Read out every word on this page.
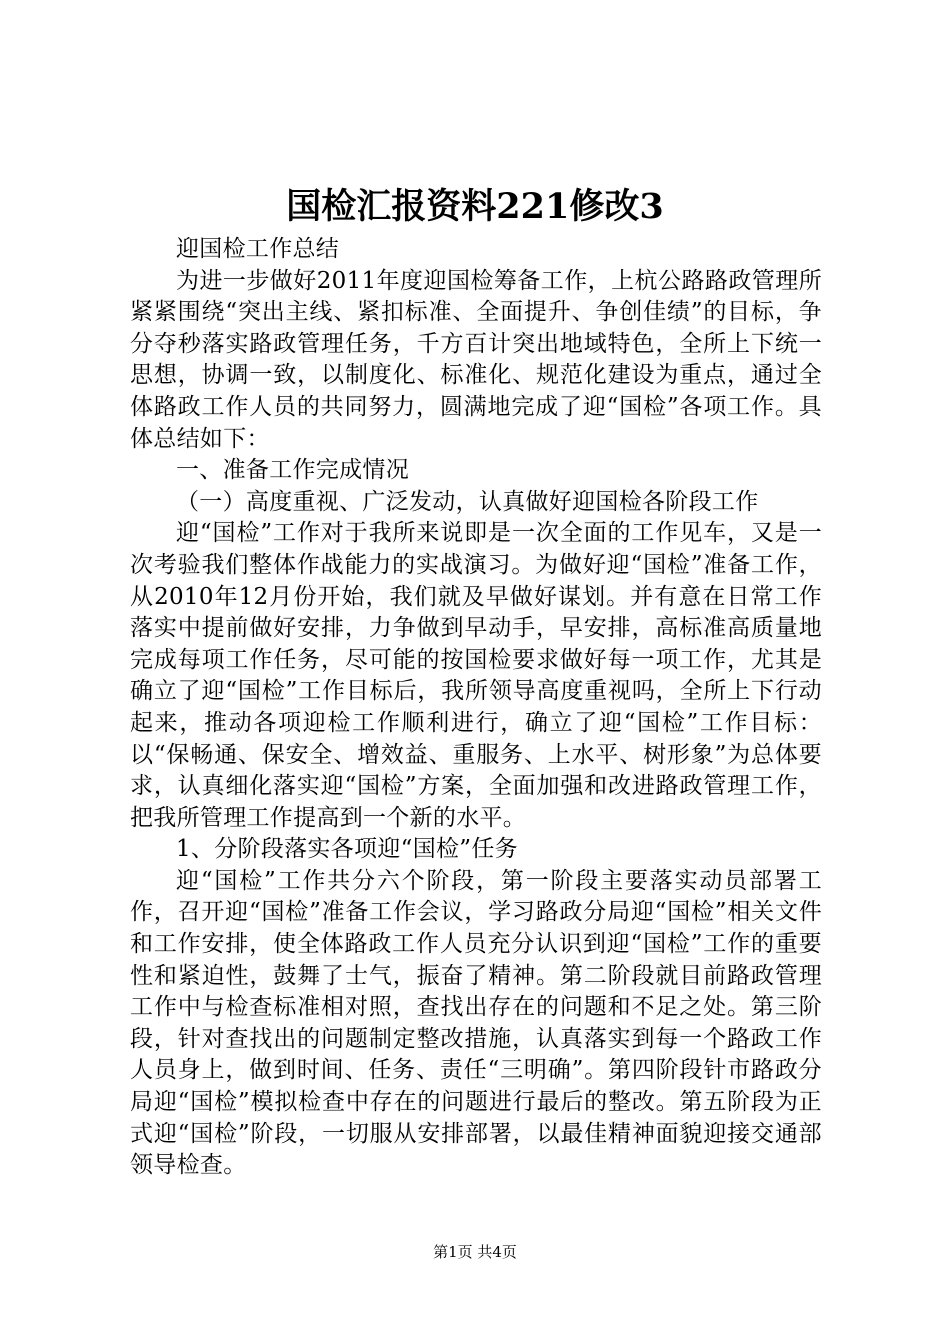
国检汇报资料221修改3

迎国检工作总结

为进一步做好2011年度迎国检筹备工作，上杭公路路政管理所紧紧围绕“突出主线、紧扣标准、全面提升、争创佳绩”的目标，争分夺秒落实路政管理任务，千方百计突出地域特色，全所上下统一思想，协调一致，以制度化、标准化、规范化建设为重点，通过全体路政工作人员的共同努力，圆满地完成了迎“国检”各项工作。具体总结如下：

一、准备工作完成情况

（一）高度重视、广泛发动，认真做好迎国检各阶段工作

迎“国检”工作对于我所来说即是一次全面的工作见车，又是一次考验我们整体作战能力的实战演习。为做好迎“国检”准备工作，从2010年12月份开始，我们就及早做好谋划。并有意在日常工作落实中提前做好安排，力争做到早动手，早安排，高标准高质量地完成每项工作任务，尽可能的按国检要求做好每一项工作，尤其是确立了迎“国检”工作目标后，我所领导高度重视吗，全所上下行动起来，推动各项迎检工作顺利进行，确立了迎“国检”工作目标：以“保畅通、保安全、增效益、重服务、上水平、树形象”为总体要求，认真细化落实迎“国检”方案，全面加强和改进路政管理工作，把我所管理工作提高到一个新的水平。

1、分阶段落实各项迎“国检”任务

迎“国检”工作共分六个阶段，第一阶段主要落实动员部署工作，召开迎“国检”准备工作会议，学习路政分局迎“国检”相关文件和工作安排，使全体路政工作人员充分认识到迎“国检”工作的重要性和紧迫性，鼓舞了士气，振奋了精神。第二阶段就目前路政管理工作中与检查标准相对照，查找出存在的问题和不足之处。第三阶段，针对查找出的问题制定整改措施，认真落实到每一个路政工作人员身上，做到时间、任务、责任“三明确”。第四阶段针市路政分局迎“国检”模拟检查中存在的问题进行最后的整改。第五阶段为正式迎“国检”阶段，一切服从安排部署，以最佳精神面貌迎接交通部领导检查。

第1页 共4页
